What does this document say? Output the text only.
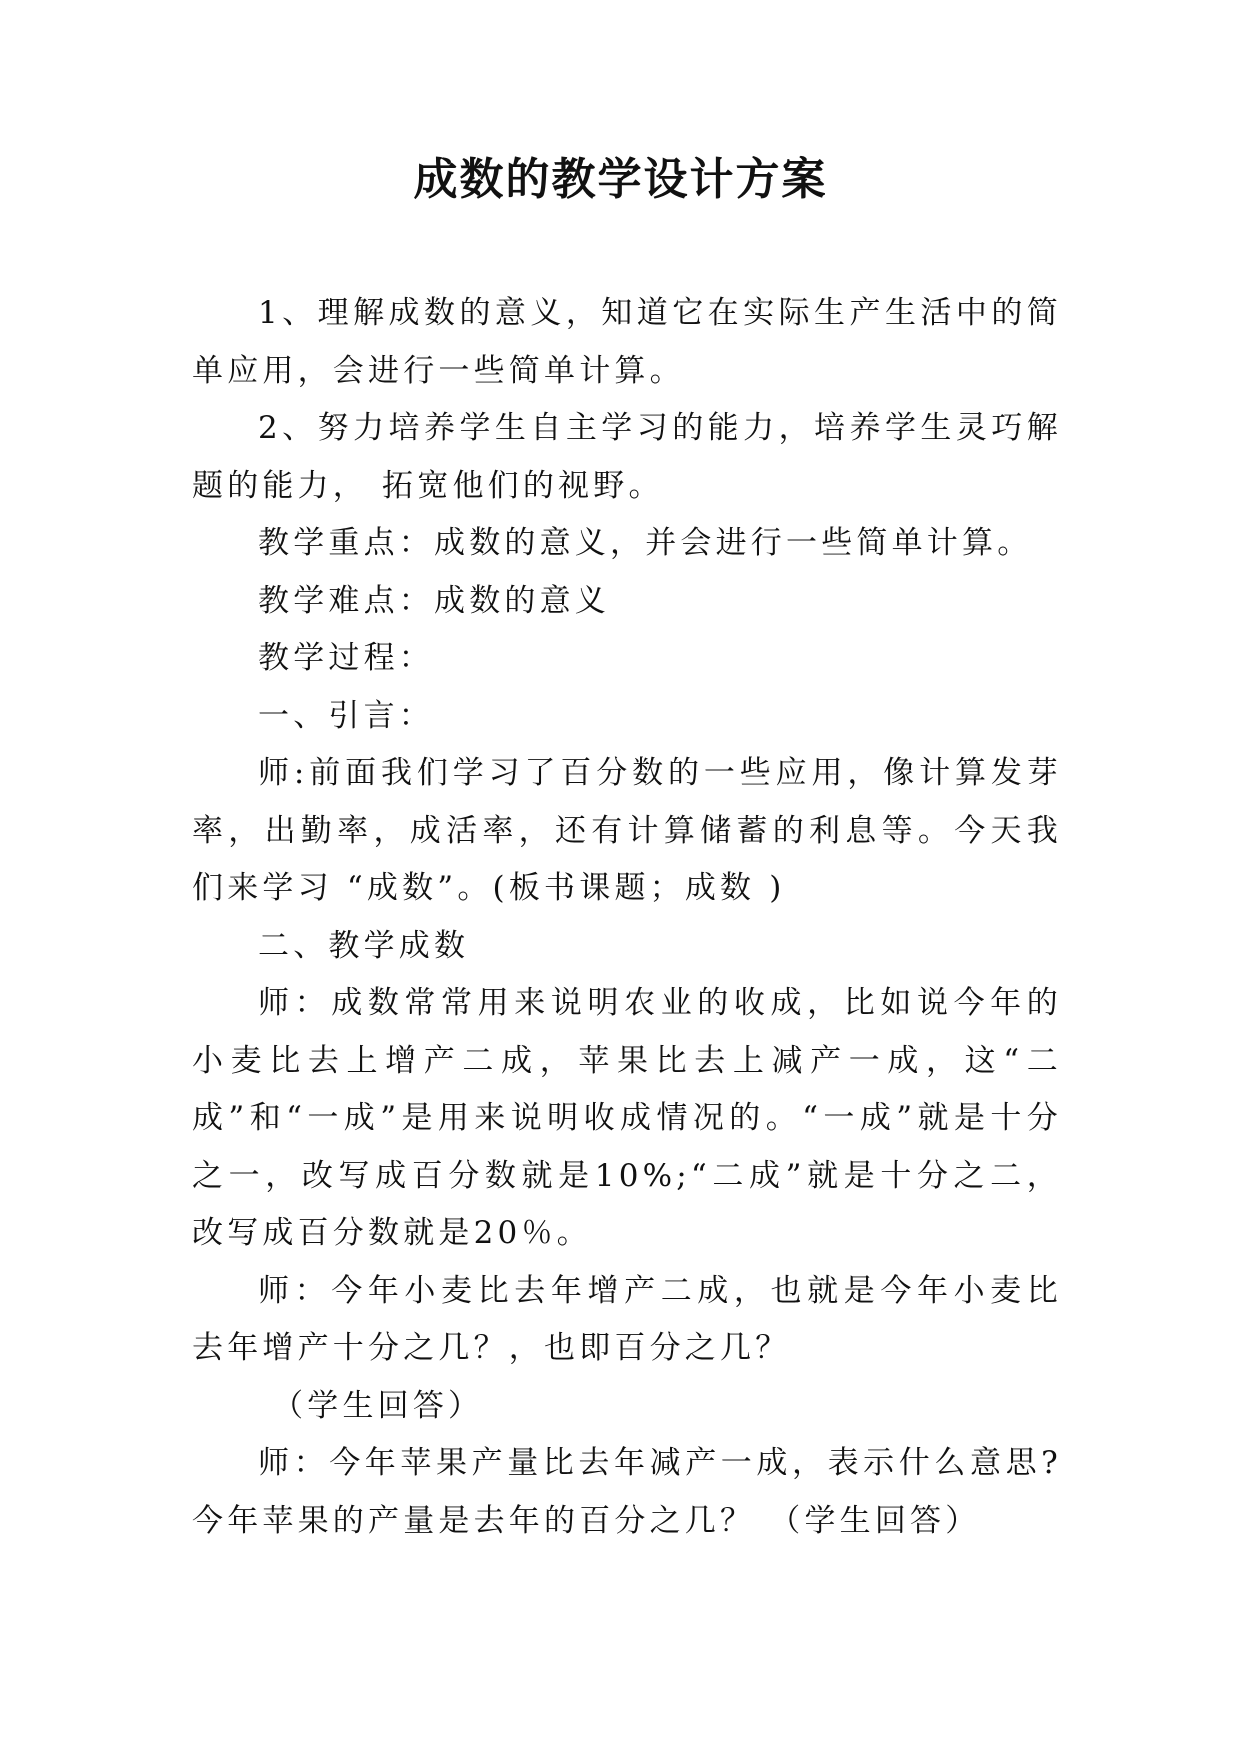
成数的教学设计方案

1、理解成数的意义，知道它在实际生产生活中的简单应用，会进行一些简单计算。

2、努力培养学生自主学习的能力，培养学生灵巧解题的能力， 拓宽他们的视野。

教学重点：成数的意义，并会进行一些简单计算。

教学难点：成数的意义

教学过程：

一、引言：

师:前面我们学习了百分数的一些应用，像计算发芽率，出勤率，成活率，还有计算储蓄的利息等。今天我们来学习 “成数”。(板书课题；成数 )

二、教学成数

师：成数常常用来说明农业的收成，比如说今年的小麦比去上增产二成，苹果比去上减产一成，这“二成”和“一成”是用来说明收成情况的。“一成”就是十分之一，改写成百分数就是10%;“二成”就是十分之二，改写成百分数就是20％。

师：今年小麦比去年增产二成，也就是今年小麦比去年增产十分之几？，也即百分之几？

（学生回答）

师：今年苹果产量比去年减产一成，表示什么意思?今年苹果的产量是去年的百分之几？ （学生回答）
